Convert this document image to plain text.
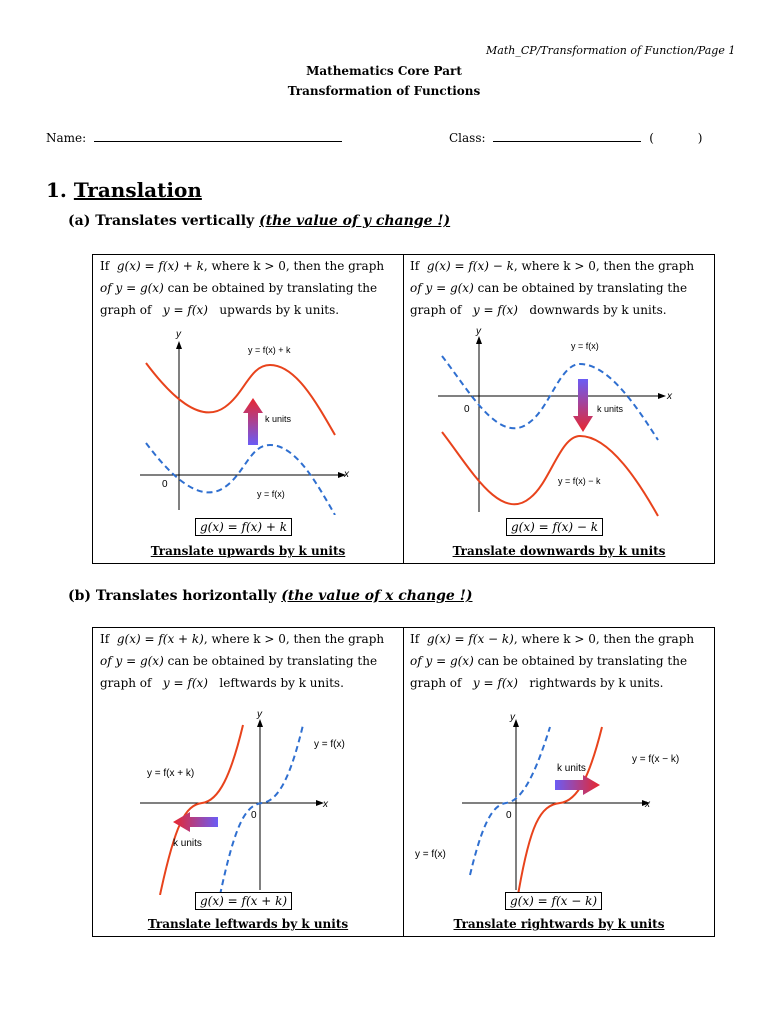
Math_CP/Transformation of Function/Page 1
Mathematics Core Part
Transformation of Functions
Name:	Class:	(	)
1. Translation
(a) Translates vertically (the value of y change !)
If g(x) = f(x) + k, where k > 0, then the graph
of y = g(x) can be obtained by translating the
graph of y = f(x) upwards by k units.
If g(x) = f(x) − k, where k > 0, then the graph
of y = g(x) can be obtained by translating the
graph of y = f(x) downwards by k units.
y
x
0
y = f(x) + k
k units
y = f(x)
y
x
0
y = f(x)
k units
y = f(x) − k
g(x) = f(x) + k	g(x) = f(x) − k
Translate upwards by k units	Translate downwards by k units
(b) Translates horizontally (the value of x change !)
If g(x) = f(x + k), where k > 0, then the graph
of y = g(x) can be obtained by translating the
graph of y = f(x) leftwards by k units.
If g(x) = f(x − k), where k > 0, then the graph
of y = g(x) can be obtained by translating the
graph of y = f(x) rightwards by k units.
y
x
0
y = f(x + k)
y = f(x)
k units
y
x
0
k units
y = f(x − k)
y = f(x)
g(x) = f(x + k)	g(x) = f(x − k)
Translate leftwards by k units	Translate rightwards by k units
